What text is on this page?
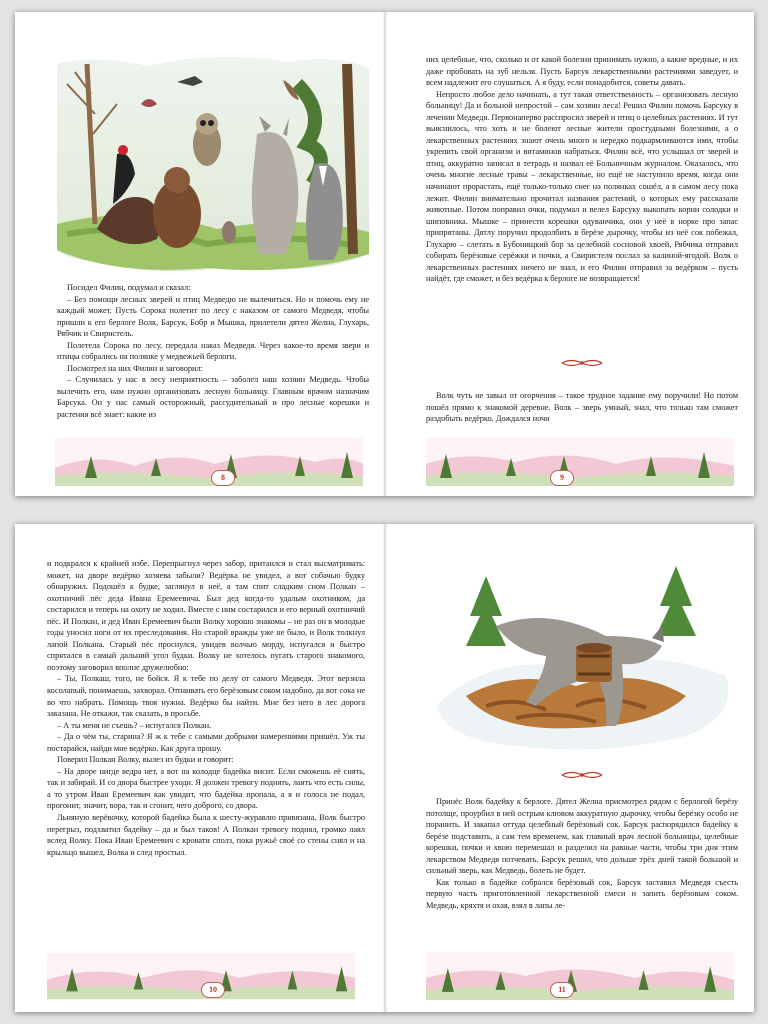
Посидел Филин, подумал и сказал:

– Без помощи лесных зверей и птиц Медведю не вылечиться. Но и помочь ему не каждый может. Пусть Сорока полетит по лесу с наказом от самого Медведя, чтобы пришли к его берлоге Волк, Барсук, Бобр и Мышка, прилетели дятел Желна, Глухарь, Рябчик и Свиристель.

Полетела Сорока по лесу, передала наказ Медведя. Через какое-то время звери и птицы собрались на полянке у медвежьей берлоги.

Посмотрел на них Филин и заговорил:

– Случилась у нас в лесу неприятность – заболел наш хозяин Медведь. Чтобы вылечить его, нам нужно организовать лесную больницу. Главным врачом назначим Барсука. Он у нас самый осторожный, рассудительный и про лесные корешки и растения всё знает: какие из

8

них целебные, что, сколько и от какой болезни принимать нужно, а какие вредные, и их даже пробовать на зуб нельзя. Пусть Барсук лекарственными растениями заведует, и всем надлежит его слушаться. А я буду, если понадобится, советы давать.

Непросто любое дело начинать, а тут такая ответственность – организовать лесную больницу! Да и больной непростой – сам хозяин леса! Решил Филин помочь Барсуку в лечении Медведя. Первонаперво расспросил зверей и птиц о целебных растениях. И тут выяснилось, что хоть и не болеют лесные жители простудными болезнями, а о лекарственных растениях знают очень много и нередко подкармливаются ими, чтобы укрепить свой организм и витаминов набраться. Филин всё, что услышал от зверей и птиц, аккуратно записал в тетрадь и назвал её Больничным журналом. Оказалось, что очень многие лесные травы – лекарственные, но ещё не наступило время, когда они начинают прорастать, ещё только-только снег на полянках сошёл, а в самом лесу пока лежит. Филин внимательно прочитал названия растений, о которых ему рассказали животные. Потом поправил очки, подумал и велел Барсуку выкопать корни солодки и шиповника. Мышке – принести корешки одуванчика, они у неё в норке про запас припрятаны. Дятлу поручил продолбить в берёзе дырочку, чтобы из неё сок побежал, Глухарю – слетать в Бубонищкий бор за целебной сосновой хвоей, Рябчика отправил собирать берёзовые серёжки и почки, а Свиристеля послал за калиной-ягодой. Волк о лекарственных растениях ничего не знал, и его Филин отправил за ведёрком – пусть найдёт, где сможет, и без ведёрка к берлоге не возвращается!

Волк чуть не завыл от огорчения – такое трудное задание ему поручили! Но потом пошёл прямо к знакомой деревне. Волк – зверь умный, знал, что только там сможет раздобыть ведёрко. Дождался ночи

9

и подкрался к крайней избе. Перепрыгнул через забор, притаился и стал высматривать: может, на дворе ведёрко хозяева забыли? Ведёрка не увидел, а вот собачью будку обнаружил. Подошёл к будке, заглянул в неё, а там спит сладким сном Полкан – охотничий пёс деда Ивана Еремеевича. Был дед когда-то удалым охотником, да состарился и теперь на охоту не ходил. Вместе с ним состарился и его верный охотничий пёс. И Полкан, и дед Иван Еремеевич были Волку хорошо знакомы – не раз он в молодые годы уносил ноги от их преследования. Но старой вражды уже не было, и Волк толкнул лапой Полкана. Старый пёс проснулся, увидев волчью морду, испугался и быстро спрятался в самый дальний угол будки. Волку не хотелось пугать старого знакомого, поэтому заговорил вполне дружелюбно:

– Ты, Полкаш, того, не бойся. Я к тебе по делу от самого Медведя. Этот верзила косолапый, понимаешь, захворал. Отпаивать его берёзовым соком надобно, да вот сока не во что набрать. Помощь твоя нужна. Ведёрко бы найти. Мне без него в лес дорога заказана. Не откажи, так сказать, в просьбе.

– А ты меня не съешь? – испугался Полкан.

– Да о чём ты, старина? Я ж к тебе с самыми добрыми намерениями пришёл. Уж ты постарайся, найди мне ведёрко. Как друга прошу.

Поверил Полкан Волку, вылез из будки и говорит:

– На дворе нигде ведра нет, а вот на колодце бадейка висит. Если сможешь её снять, так и забирай. И со двора быстрее уходи. Я должен тревогу поднять, лаять что есть силы, а то утром Иван Еремеевич как увидит, что бадейка пропала, а я и голоса не подал, прогонит, значит, вора, так и сгонит, чего доброго, со двора.

Льняную верёвочку, которой бадейка была к шесту-журавлю привязана, Волк быстро перегрыз, подхватил бадейку – да и был таков! А Полкан тревогу поднял, громко лаял вслед Волку. Пока Иван Еремеевич с кровати сполз, пока ружьё своё со стены снял и на крыльцо вышел, Волка и след простыл.

10

Принёс Волк бадейку к берлоге. Дятел Желна присмотрел рядом с берлогой берёзу потолще, проурбил в ней острым клювом аккуратную дырочку, чтобы берёзку особо не поранить. И закапал оттуда целебный берёзовый сок. Барсук распорядился бадейку к берёзе подставить, а сам тем временем, как главный врач лесной больницы, целебные корешки, почки и хвою перемешал и разделил на равные части, чтобы три дня этим лекарством Медведя потчевать. Барсук решил, что дольше трёх дней такой большой и сильный зверь, как Медведь, болеть не будет.

Как только в бадейке собрался берёзовый сок, Барсук заставил Медведя съесть первую часть приготовленной лекарственной смеси и запить берёзовым соком. Медведь, кряхтя и охая, взял в лапы ле-

11
